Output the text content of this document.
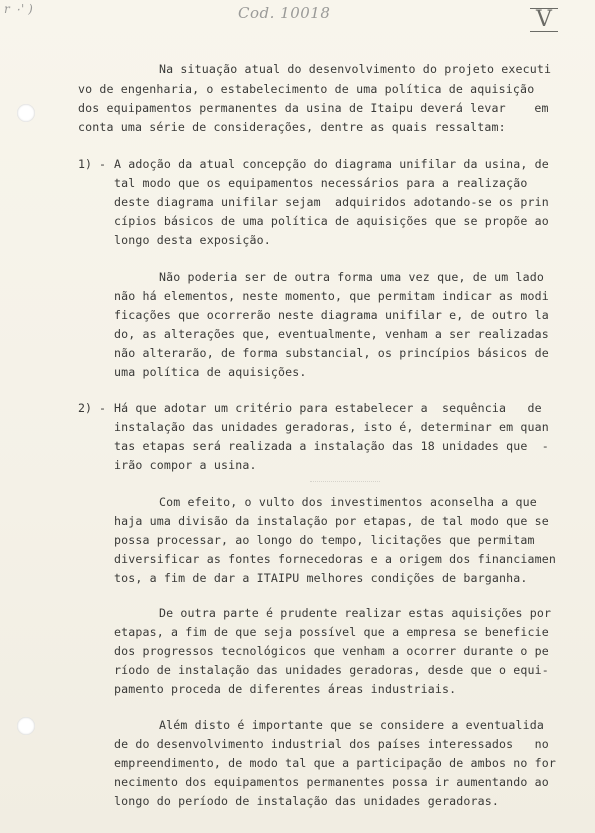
r ٠' )	Cod. 10018	V
Na situação atual do desenvolvimento do projeto executi
vo de engenharia, o estabelecimento de uma política de aquisição
dos equipamentos permanentes da usina de Itaipu deverá levar    em
conta uma série de considerações, dentre as quais ressaltam:
1) - A adoção da atual concepção do diagrama unifilar da usina, de
tal modo que os equipamentos necessários para a realização
deste diagrama unifilar sejam  adquiridos adotando-se os prin
cípios básicos de uma política de aquisições que se propõe ao
longo desta exposição.
Não poderia ser de outra forma uma vez que, de um lado
não há elementos, neste momento, que permitam indicar as modi
ficações que ocorrerão neste diagrama unifilar e, de outro la
do, as alterações que, eventualmente, venham a ser realizadas
não alterarão, de forma substancial, os princípios básicos de
uma política de aquisições.
2) - Há que adotar um critério para estabelecer a  sequência   de
instalação das unidades geradoras, isto é, determinar em quan
tas etapas será realizada a instalação das 18 unidades que  -
irão compor a usina.
Com efeito, o vulto dos investimentos aconselha a que
haja uma divisão da instalação por etapas, de tal modo que se
possa processar, ao longo do tempo, licitações que permitam
diversificar as fontes fornecedoras e a origem dos financiamen
tos, a fim de dar a ITAIPU melhores condições de barganha.
De outra parte é prudente realizar estas aquisições por
etapas, a fim de que seja possível que a empresa se beneficie
dos progressos tecnológicos que venham a ocorrer durante o pe
ríodo de instalação das unidades geradoras, desde que o equi-
pamento proceda de diferentes áreas industriais.
Além disto é importante que se considere a eventualida
de do desenvolvimento industrial dos países interessados   no
empreendimento, de modo tal que a participação de ambos no for
necimento dos equipamentos permanentes possa ir aumentando ao
longo do período de instalação das unidades geradoras.
